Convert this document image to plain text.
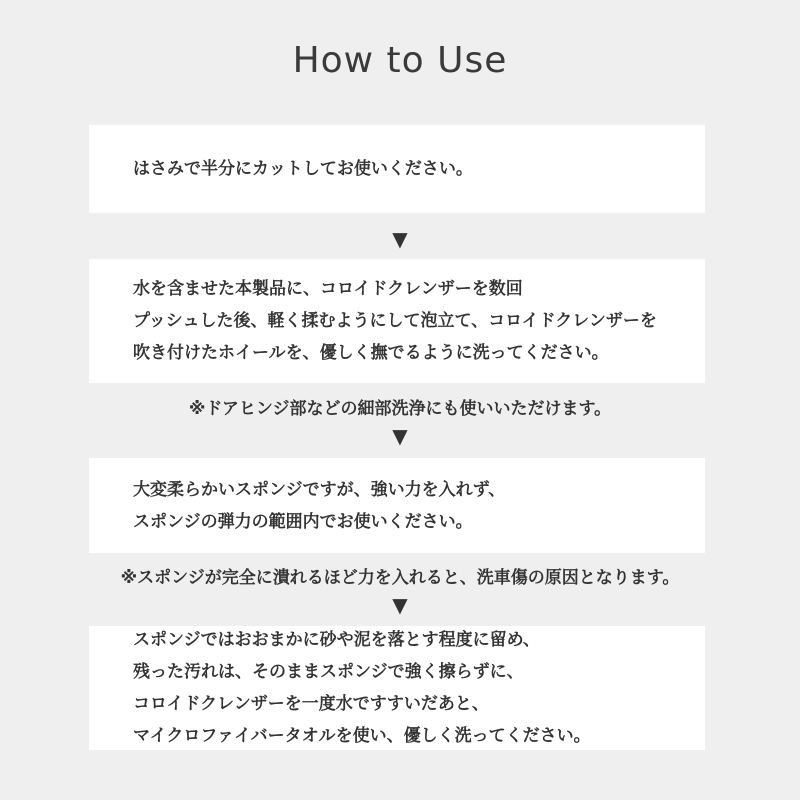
How to Use
はさみで半分にカットしてお使いください。
▼
水を含ませた本製品に、コロイドクレンザーを数回
プッシュした後、軽く揉むようにして泡立て、コロイドクレンザーを
吹き付けたホイールを、優しく撫でるように洗ってください。
※ドアヒンジ部などの細部洗浄にも使いいただけます。
▼
大変柔らかいスポンジですが、強い力を入れず、
スポンジの弾力の範囲内でお使いください。
※スポンジが完全に潰れるほど力を入れると、洗車傷の原因となります。
▼
スポンジではおおまかに砂や泥を落とす程度に留め、
残った汚れは、そのままスポンジで強く擦らずに、
コロイドクレンザーを一度水ですすいだあと、
マイクロファイバータオルを使い、優しく洗ってください。
